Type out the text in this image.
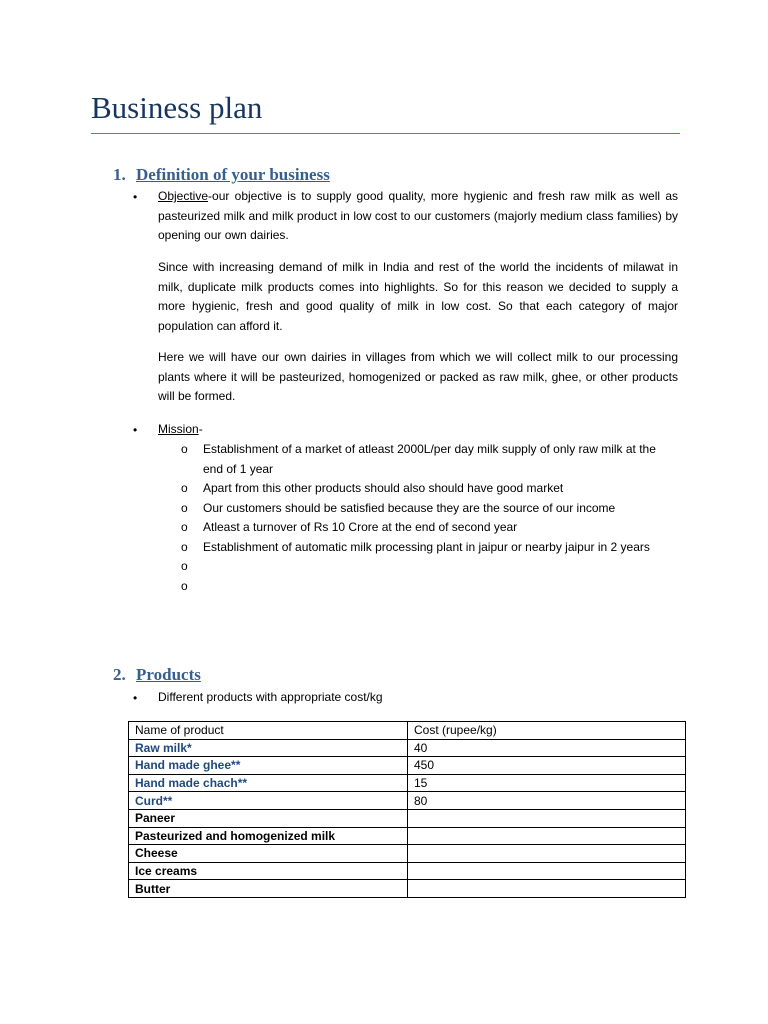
Business plan
1. Definition of your business
• Objective-our objective is to supply good quality, more hygienic and fresh raw milk as well as pasteurized milk and milk product in low cost to our customers (majorly medium class families) by opening our own dairies.
Since with increasing demand of milk in India and rest of the world the incidents of milawat in milk, duplicate milk products comes into highlights. So for this reason we decided to supply a more hygienic, fresh and good quality of milk in low cost. So that each category of major population can afford it.
Here we will have our own dairies in villages from which we will collect milk to our processing plants where it will be pasteurized, homogenized or packed as raw milk, ghee, or other products will be formed.
• Mission-
o Establishment of a market of atleast 2000L/per day milk supply of only raw milk at the end of 1 year
o Apart from this other products should also should have good market
o Our customers should be satisfied because they are the source of our income
o Atleast a turnover of Rs 10 Crore at the end of second year
o Establishment of automatic milk processing plant in jaipur or nearby jaipur in 2 years
o
o
2. Products
• Different products with appropriate cost/kg
Name of product	Cost (rupee/kg)
Raw milk*	40
Hand made ghee**	450
Hand made chach**	15
Curd**	80
Paneer	
Pasteurized and homogenized milk	
Cheese	
Ice creams	
Butter	
